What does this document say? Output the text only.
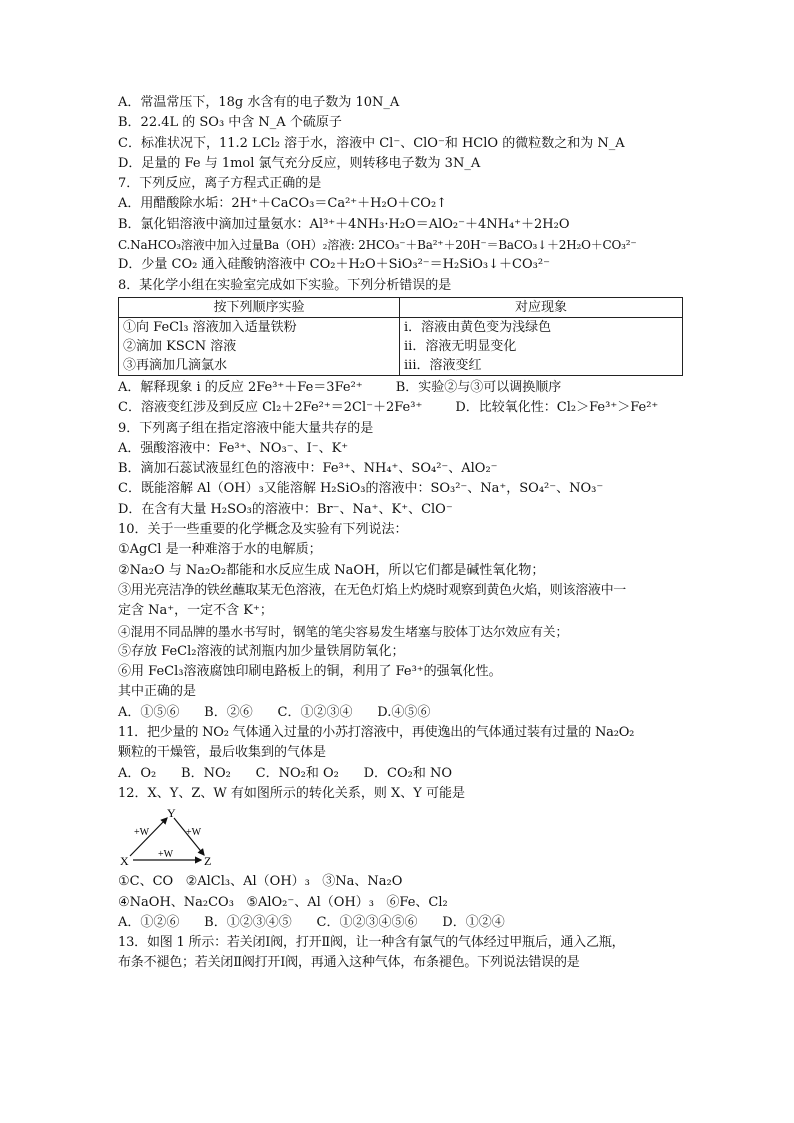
A．常温常压下，18g 水含有的电子数为 10N_A
B．22.4L 的 SO₃ 中含 N_A 个硫原子
C．标准状况下，11.2 LCl₂ 溶于水，溶液中 Cl⁻、ClO⁻和 HClO 的微粒数之和为 N_A
D．足量的 Fe 与 1mol 氯气充分反应，则转移电子数为 3N_A
7．下列反应，离子方程式正确的是
A．用醋酸除水垢：2H⁺＋CaCO₃＝Ca²⁺＋H₂O＋CO₂↑
B．氯化铝溶液中滴加过量氨水：Al³⁺＋4NH₃·H₂O＝AlO₂⁻＋4NH₄⁺＋2H₂O
C.NaHCO₃溶液中加入过量Ba（OH）₂溶液: 2HCO₃⁻＋Ba²⁺＋20H⁻＝BaCO₃↓＋2H₂O＋CO₃²⁻
D．少量 CO₂ 通入硅酸钠溶液中 CO₂＋H₂O＋SiO₃²⁻＝H₂SiO₃↓＋CO₃²⁻
8．某化学小组在实验室完成如下实验。下列分析错误的是
按下列顺序实验	对应现象
①向 FeCl₃ 溶液加入适量铁粉	i．溶液由黄色变为浅绿色
②滴加 KSCN 溶液	ii．溶液无明显变化
③再滴加几滴氯水	iii．溶液变红
A．解释现象 i 的反应 2Fe³⁺＋Fe＝3Fe²⁺        B．实验②与③可以调换顺序
C．溶液变红涉及到反应 Cl₂＋2Fe²⁺＝2Cl⁻＋2Fe³⁺        D．比较氧化性：Cl₂＞Fe³⁺＞Fe²⁺
9．下列离子组在指定溶液中能大量共存的是
A．强酸溶液中：Fe³⁺、NO₃⁻、I⁻、K⁺
B．滴加石蕊试液显红色的溶液中：Fe³⁺、NH₄⁺、SO₄²⁻、AlO₂⁻
C．既能溶解 Al（OH）₃又能溶解 H₂SiO₃的溶液中：SO₃²⁻、Na⁺，SO₄²⁻、NO₃⁻
D．在含有大量 H₂SO₃的溶液中：Br⁻、Na⁺、K⁺、ClO⁻
10．关于一些重要的化学概念及实验有下列说法：
①AgCl 是一种难溶于水的电解质；
②Na₂O 与 Na₂O₂都能和水反应生成 NaOH，所以它们都是碱性氧化物；
③用光亮洁净的铁丝蘸取某无色溶液，在无色灯焰上灼烧时观察到黄色火焰，则该溶液中一
定含 Na⁺，一定不含 K⁺；
④混用不同品牌的墨水书写时，钢笔的笔尖容易发生堵塞与胶体丁达尔效应有关；
⑤存放 FeCl₂溶液的试剂瓶内加少量铁屑防氧化；
⑥用 FeCl₃溶液腐蚀印刷电路板上的铜，利用了 Fe³⁺的强氧化性。
其中正确的是
A．①⑤⑥      B．②⑥      C．①②③④      D.④⑤⑥
11．把少量的 NO₂ 气体通入过量的小苏打溶液中，再使逸出的气体通过装有过量的 Na₂O₂
颗粒的干燥管，最后收集到的气体是
A．O₂      B．NO₂      C．NO₂和 O₂      D．CO₂和 NO
12．X、Y、Z、W 有如图所示的转化关系，则 X、Y 可能是
Y
X	Z
+W	+W
+W
①C、CO   ②AlCl₃、Al（OH）₃   ③Na、Na₂O
④NaOH、Na₂CO₃   ⑤AlO₂⁻、Al（OH）₃   ⑥Fe、Cl₂
A．①②⑥      B．①②③④⑤      C．①②③④⑤⑥      D．①②④
13．如图 1 所示：若关闭Ⅰ阀，打开Ⅱ阀，让一种含有氯气的气体经过甲瓶后，通入乙瓶，
布条不褪色；若关闭Ⅱ阀打开Ⅰ阀，再通入这种气体，布条褪色。下列说法错误的是
